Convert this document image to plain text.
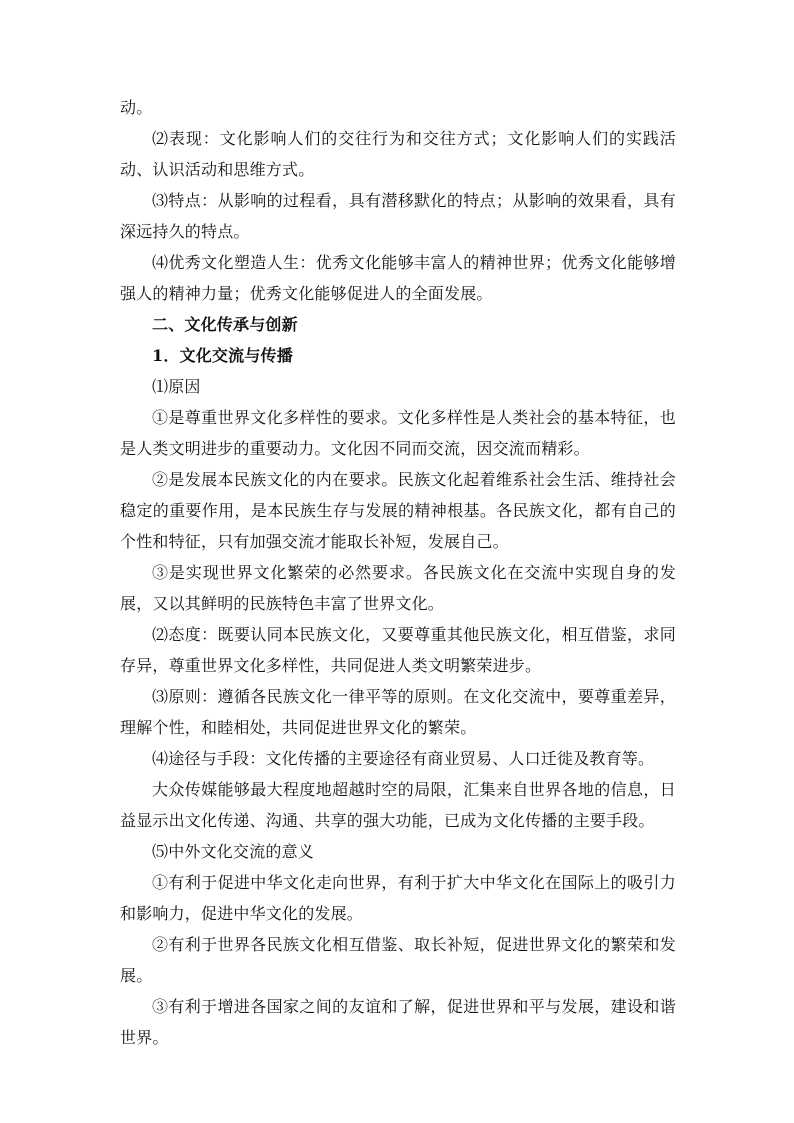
动。

⑵表现：文化影响人们的交往行为和交往方式；文化影响人们的实践活动、认识活动和思维方式。

⑶特点：从影响的过程看，具有潜移默化的特点；从影响的效果看，具有深远持久的特点。

⑷优秀文化塑造人生：优秀文化能够丰富人的精神世界；优秀文化能够增强人的精神力量；优秀文化能够促进人的全面发展。

二、文化传承与创新

1．文化交流与传播

⑴原因

①是尊重世界文化多样性的要求。文化多样性是人类社会的基本特征，也是人类文明进步的重要动力。文化因不同而交流，因交流而精彩。

②是发展本民族文化的内在要求。民族文化起着维系社会生活、维持社会稳定的重要作用，是本民族生存与发展的精神根基。各民族文化，都有自己的个性和特征，只有加强交流才能取长补短，发展自己。

③是实现世界文化繁荣的必然要求。各民族文化在交流中实现自身的发展，又以其鲜明的民族特色丰富了世界文化。

⑵态度：既要认同本民族文化，又要尊重其他民族文化，相互借鉴，求同存异，尊重世界文化多样性，共同促进人类文明繁荣进步。

⑶原则：遵循各民族文化一律平等的原则。在文化交流中，要尊重差异，理解个性，和睦相处，共同促进世界文化的繁荣。

⑷途径与手段：文化传播的主要途径有商业贸易、人口迁徙及教育等。

大众传媒能够最大程度地超越时空的局限，汇集来自世界各地的信息，日益显示出文化传递、沟通、共享的强大功能，已成为文化传播的主要手段。

⑸中外文化交流的意义

①有利于促进中华文化走向世界，有利于扩大中华文化在国际上的吸引力和影响力，促进中华文化的发展。

②有利于世界各民族文化相互借鉴、取长补短，促进世界文化的繁荣和发展。

③有利于增进各国家之间的友谊和了解，促进世界和平与发展，建设和谐世界。
